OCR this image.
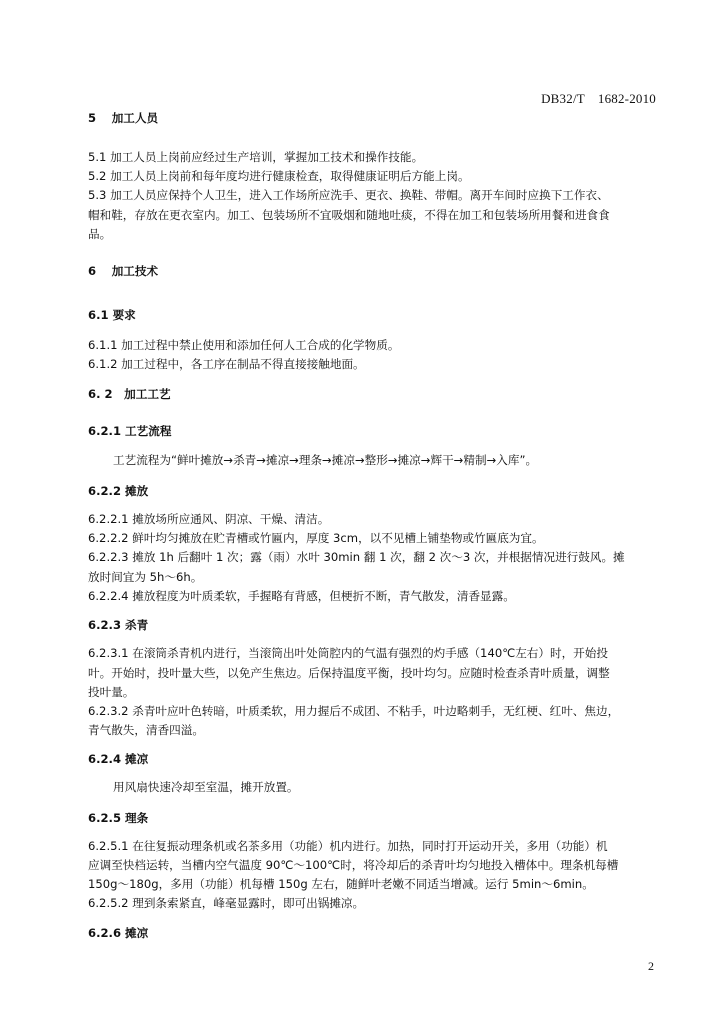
DB32/T　1682-2010
5　 加工人员
5.1 加工人员上岗前应经过生产培训，掌握加工技术和操作技能。
5.2 加工人员上岗前和每年度均进行健康检查，取得健康证明后方能上岗。
5.3 加工人员应保持个人卫生，进入工作场所应洗手、更衣、换鞋、带帽。离开车间时应换下工作衣、
帽和鞋，存放在更衣室内。加工、包装场所不宜吸烟和随地吐痰，不得在加工和包装场所用餐和进食食
品。
6　 加工技术
6.1 要求
6.1.1 加工过程中禁止使用和添加任何人工合成的化学物质。
6.1.2 加工过程中，各工序在制品不得直接接触地面。
6. 2　加工工艺
6.2.1 工艺流程
工艺流程为“鲜叶摊放→杀青→摊凉→理条→摊凉→整形→摊凉→辉干→精制→入库”。
6.2.2 摊放
6.2.2.1 摊放场所应通风、阴凉、干燥、清洁。
6.2.2.2 鲜叶均匀摊放在贮青槽或竹匾内，厚度 3cm，以不见槽上铺垫物或竹匾底为宜。
6.2.2.3 摊放 1h 后翻叶 1 次；露（雨）水叶 30min 翻 1 次，翻 2 次～3 次，并根据情况进行鼓风。摊
放时间宜为 5h～6h。
6.2.2.4 摊放程度为叶质柔软，手握略有背感，但梗折不断，青气散发，清香显露。
6.2.3 杀青
6.2.3.1 在滚筒杀青机内进行，当滚筒出叶处筒腔内的气温有强烈的灼手感（140℃左右）时，开始投
叶。开始时，投叶量大些，以免产生焦边。后保持温度平衡，投叶均匀。应随时检查杀青叶质量，调整
投叶量。
6.2.3.2 杀青叶应叶色转暗，叶质柔软，用力握后不成团、不粘手，叶边略刺手，无红梗、红叶、焦边，
青气散失，清香四溢。
6.2.4 摊凉
用风扇快速冷却至室温，摊开放置。
6.2.5 理条
6.2.5.1 在往复振动理条机或名茶多用（功能）机内进行。加热，同时打开运动开关，多用（功能）机
应调至快档运转，当槽内空气温度 90℃～100℃时，将冷却后的杀青叶均匀地投入槽体中。理条机每槽
150g～180g，多用（功能）机每槽 150g 左右，随鲜叶老嫩不同适当增减。运行 5min～6min。
6.2.5.2 理到条索紧直，峰毫显露时，即可出锅摊凉。
6.2.6 摊凉
2
